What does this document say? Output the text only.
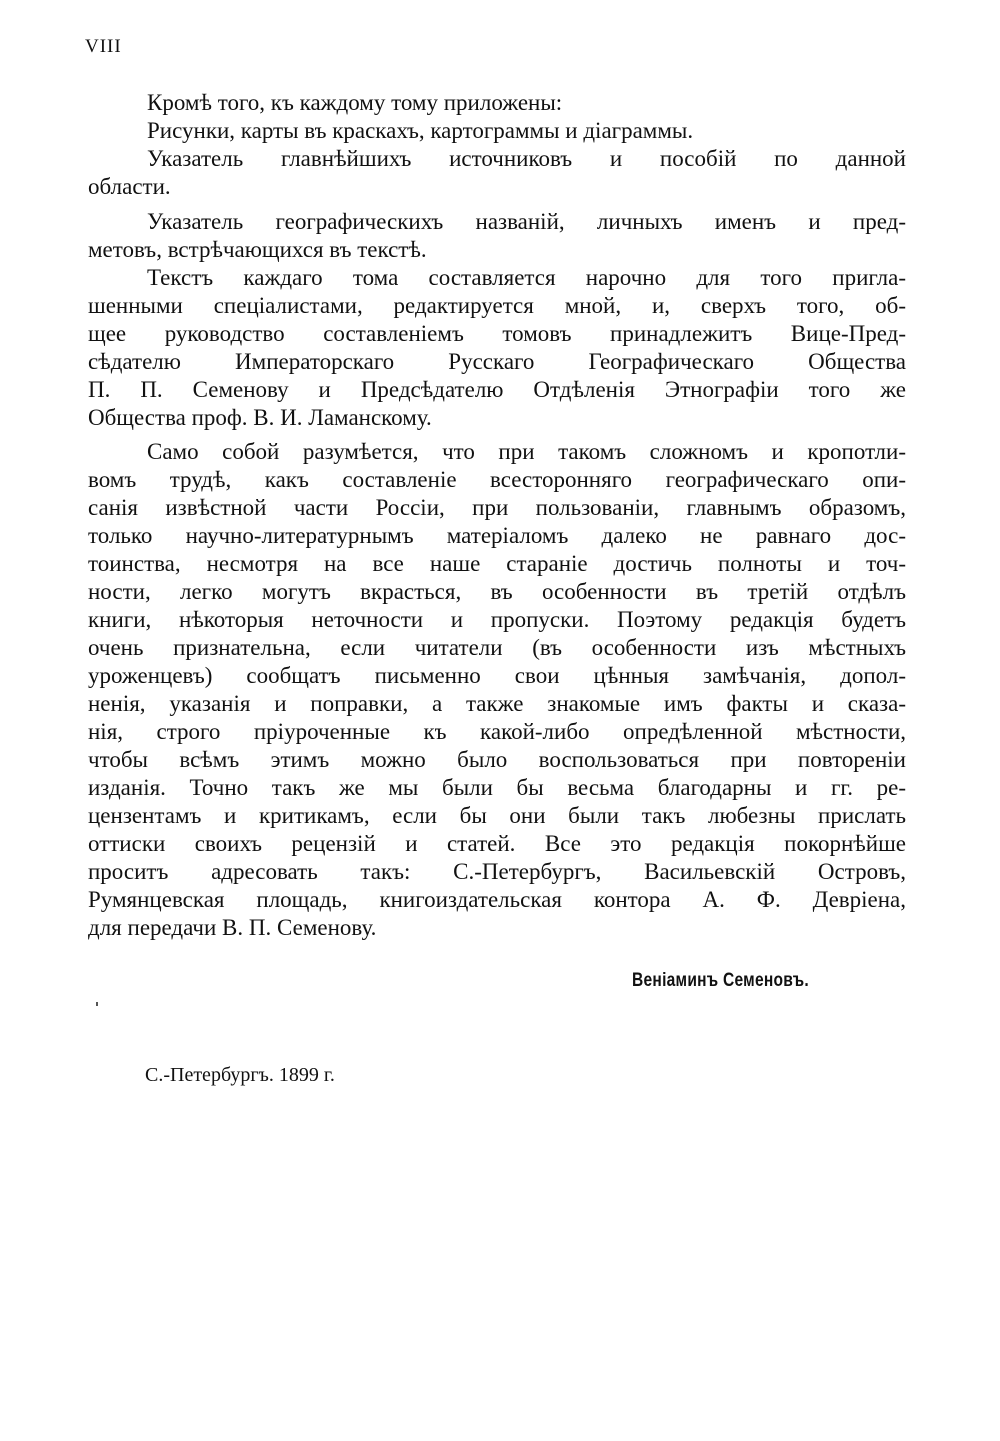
VIII
Кромѣ того, къ каждому тому приложены:
Рисунки, карты въ краскахъ, картограммы и діаграммы.
Указатель главнѣйшихъ источниковъ и пособій по данной
области.
Указатель географическихъ названій, личныхъ именъ и пред-
метовъ, встрѣчающихся въ текстѣ.
Текстъ каждаго тома составляется нарочно для того пригла-
шенными спеціалистами, редактируется мной, и, сверхъ того, об-
щее руководство составленіемъ томовъ принадлежитъ Вице-Пред-
сѣдателю Императорскаго Русскаго Географическаго Общества
П. П. Семенову и Предсѣдателю Отдѣленія Этнографіи того же
Общества проф. В. И. Ламанскому.
Само собой разумѣется, что при такомъ сложномъ и кропотли-
вомъ трудѣ, какъ составленіе всесторонняго географическаго опи-
санія извѣстной части Россіи, при пользованіи, главнымъ образомъ,
только научно-литературнымъ матеріаломъ далеко не равнаго дос-
тоинства, несмотря на все наше стараніе достичь полноты и точ-
ности, легко могутъ вкрасться, въ особенности въ третій отдѣлъ
книги, нѣкоторыя неточности и пропуски. Поэтому редакція будетъ
очень признательна, если читатели (въ особенности изъ мѣстныхъ
уроженцевъ) сообщатъ письменно свои цѣнныя замѣчанія, допол-
ненія, указанія и поправки, а также знакомые имъ факты и сказа-
нія, строго пріуроченные къ какой-либо опредѣленной мѣстности,
чтобы всѣмъ этимъ можно было воспользоваться при повтореніи
изданія. Точно такъ же мы были бы весьма благодарны и гг. ре-
цензентамъ и критикамъ, если бы они были такъ любезны прислать
оттиски своихъ рецензій и статей. Все это редакція покорнѣйше
проситъ адресовать такъ: С.-Петербургъ, Васильевскій Островъ,
Румянцевская площадь, книгоиздательская контора А. Ф. Девріена,
для передачи В. П. Семенову.
Веніаминъ Семеновъ.
С.-Петербургъ. 1899 г.
